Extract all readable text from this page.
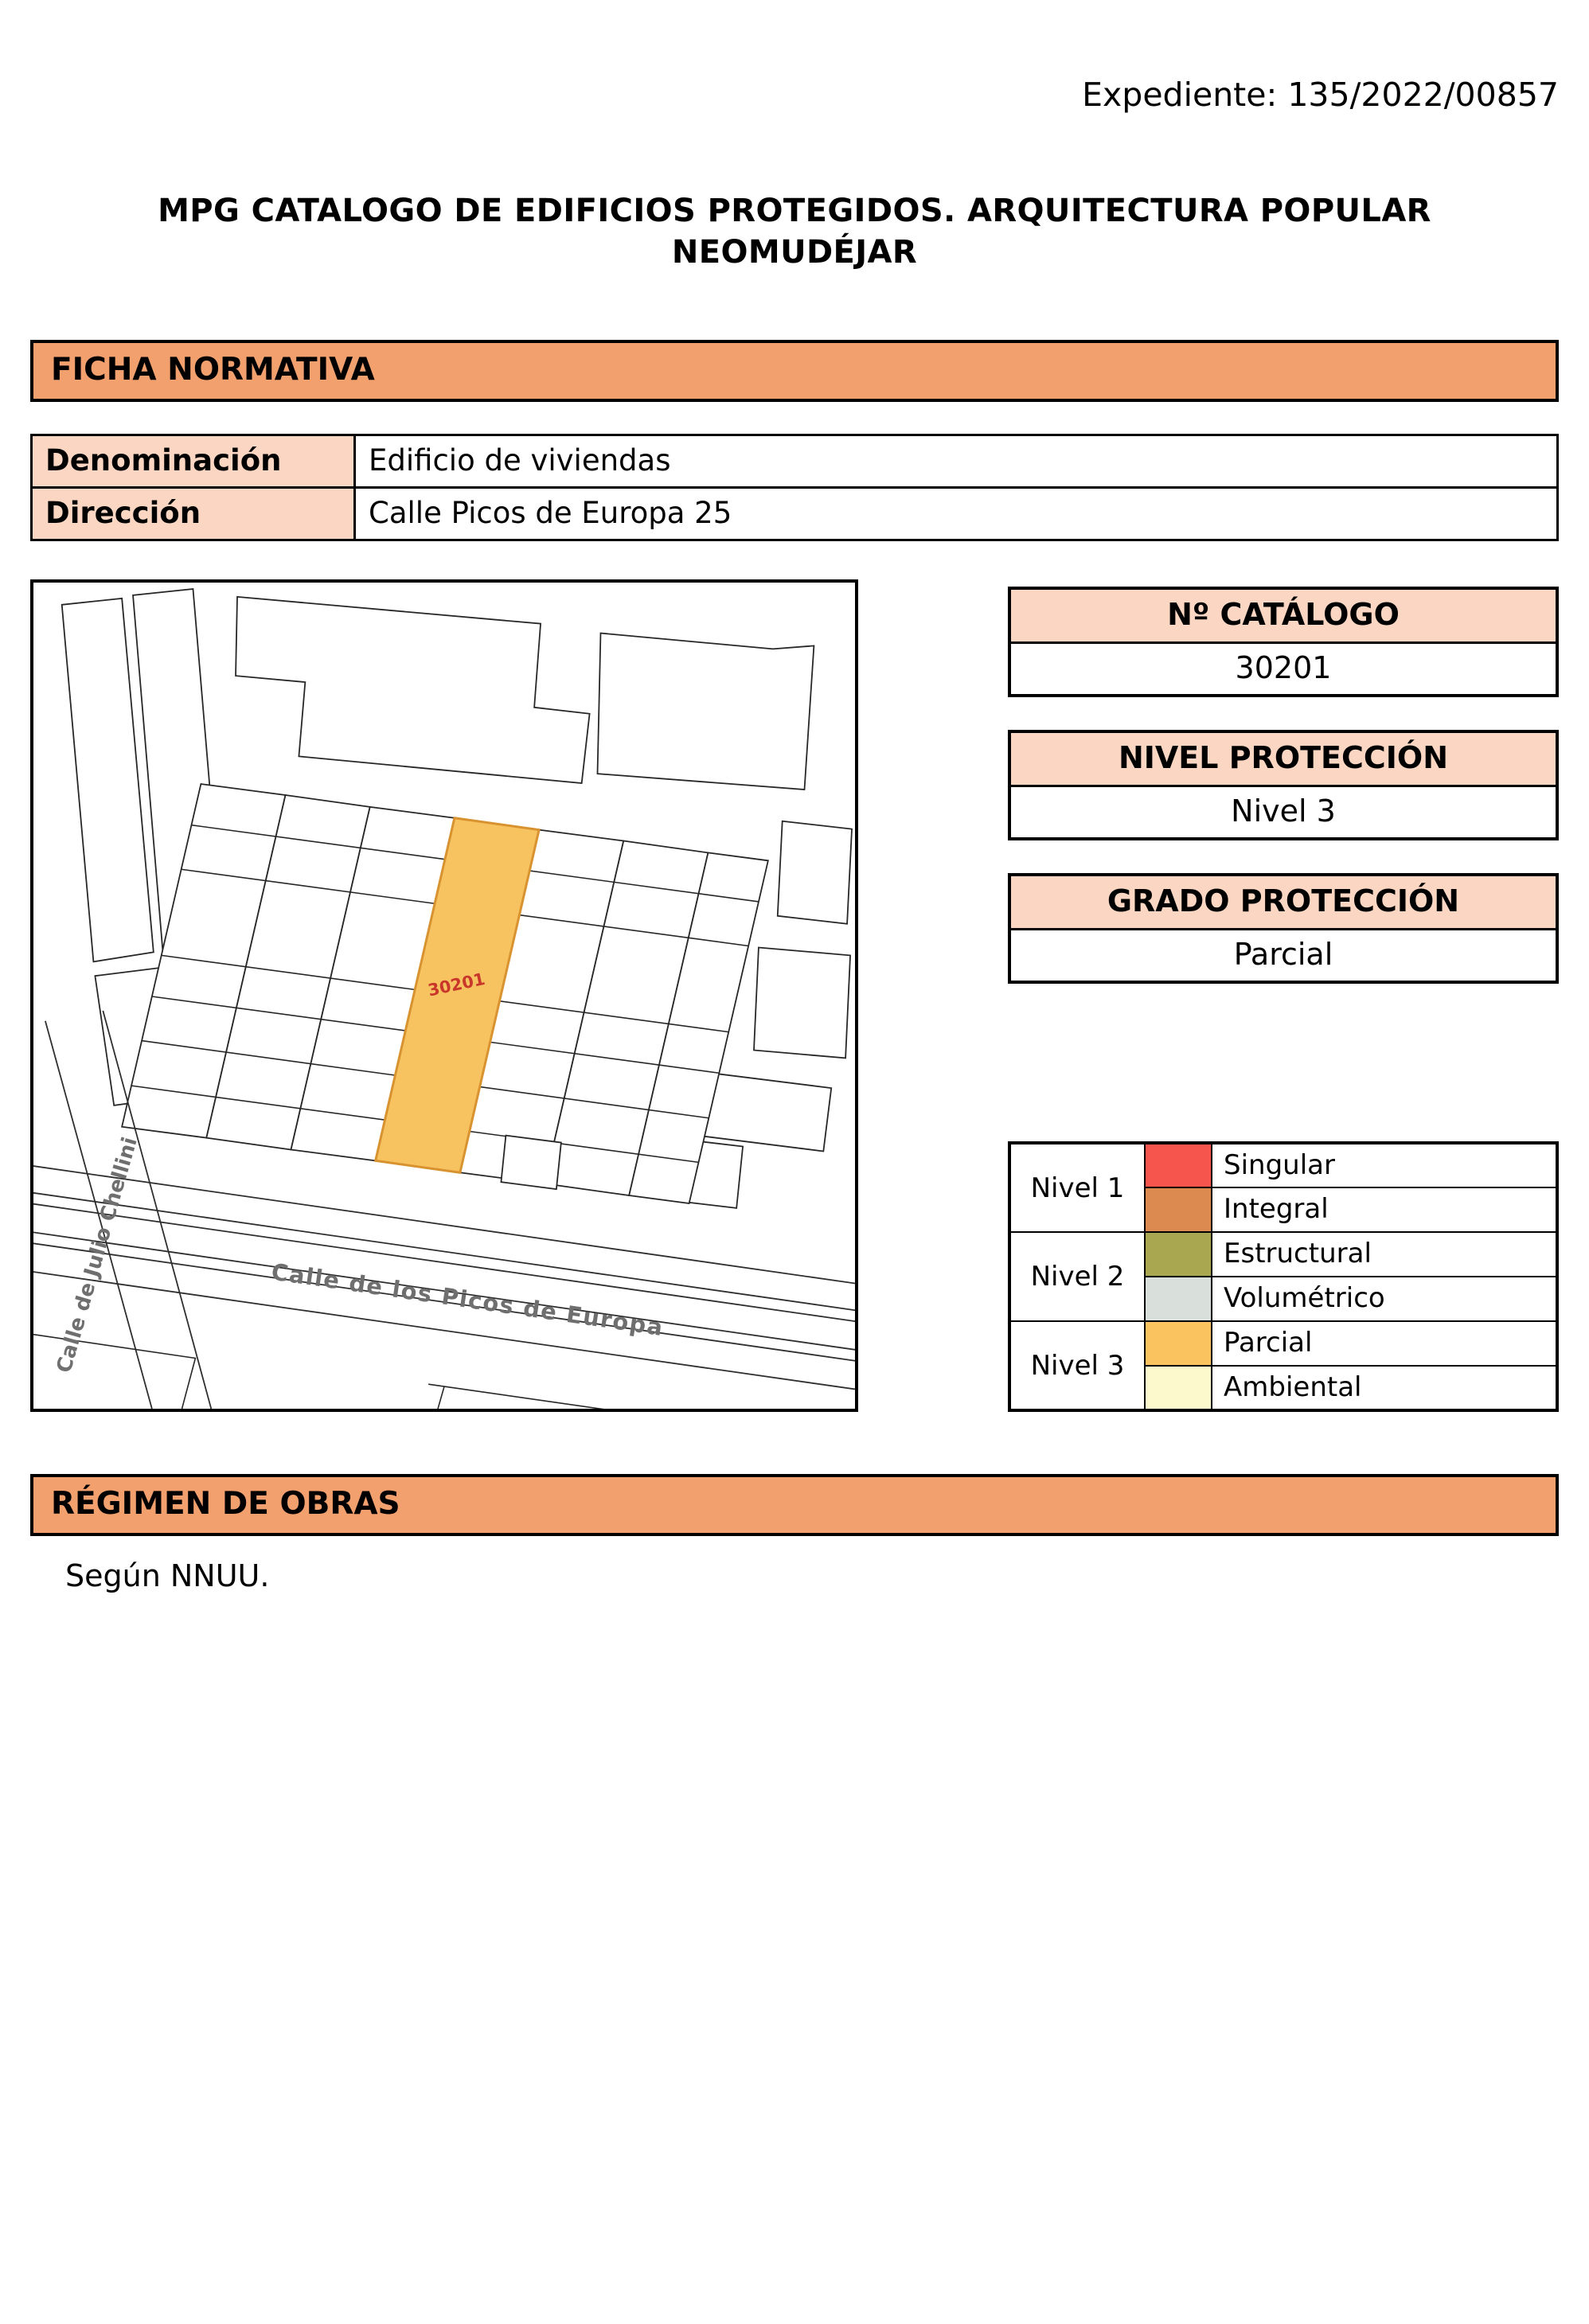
Expediente: 135/2022/00857
MPG CATALOGO DE EDIFICIOS PROTEGIDOS. ARQUITECTURA POPULAR
NEOMUDÉJAR
FICHA NORMATIVA
Denominación	Edificio de viviendas
Dirección	Calle Picos de Europa 25
Calle de Julio Chellini	Calle de los Picos de Europa
30201
Nº CATÁLOGO
30201
NIVEL PROTECCIÓN
Nivel 3
GRADO PROTECCIÓN
Parcial
Nivel 1		Singular
		Integral
Nivel 2		Estructural
		Volumétrico
Nivel 3		Parcial
		Ambiental
RÉGIMEN DE OBRAS
Según NNUU.
